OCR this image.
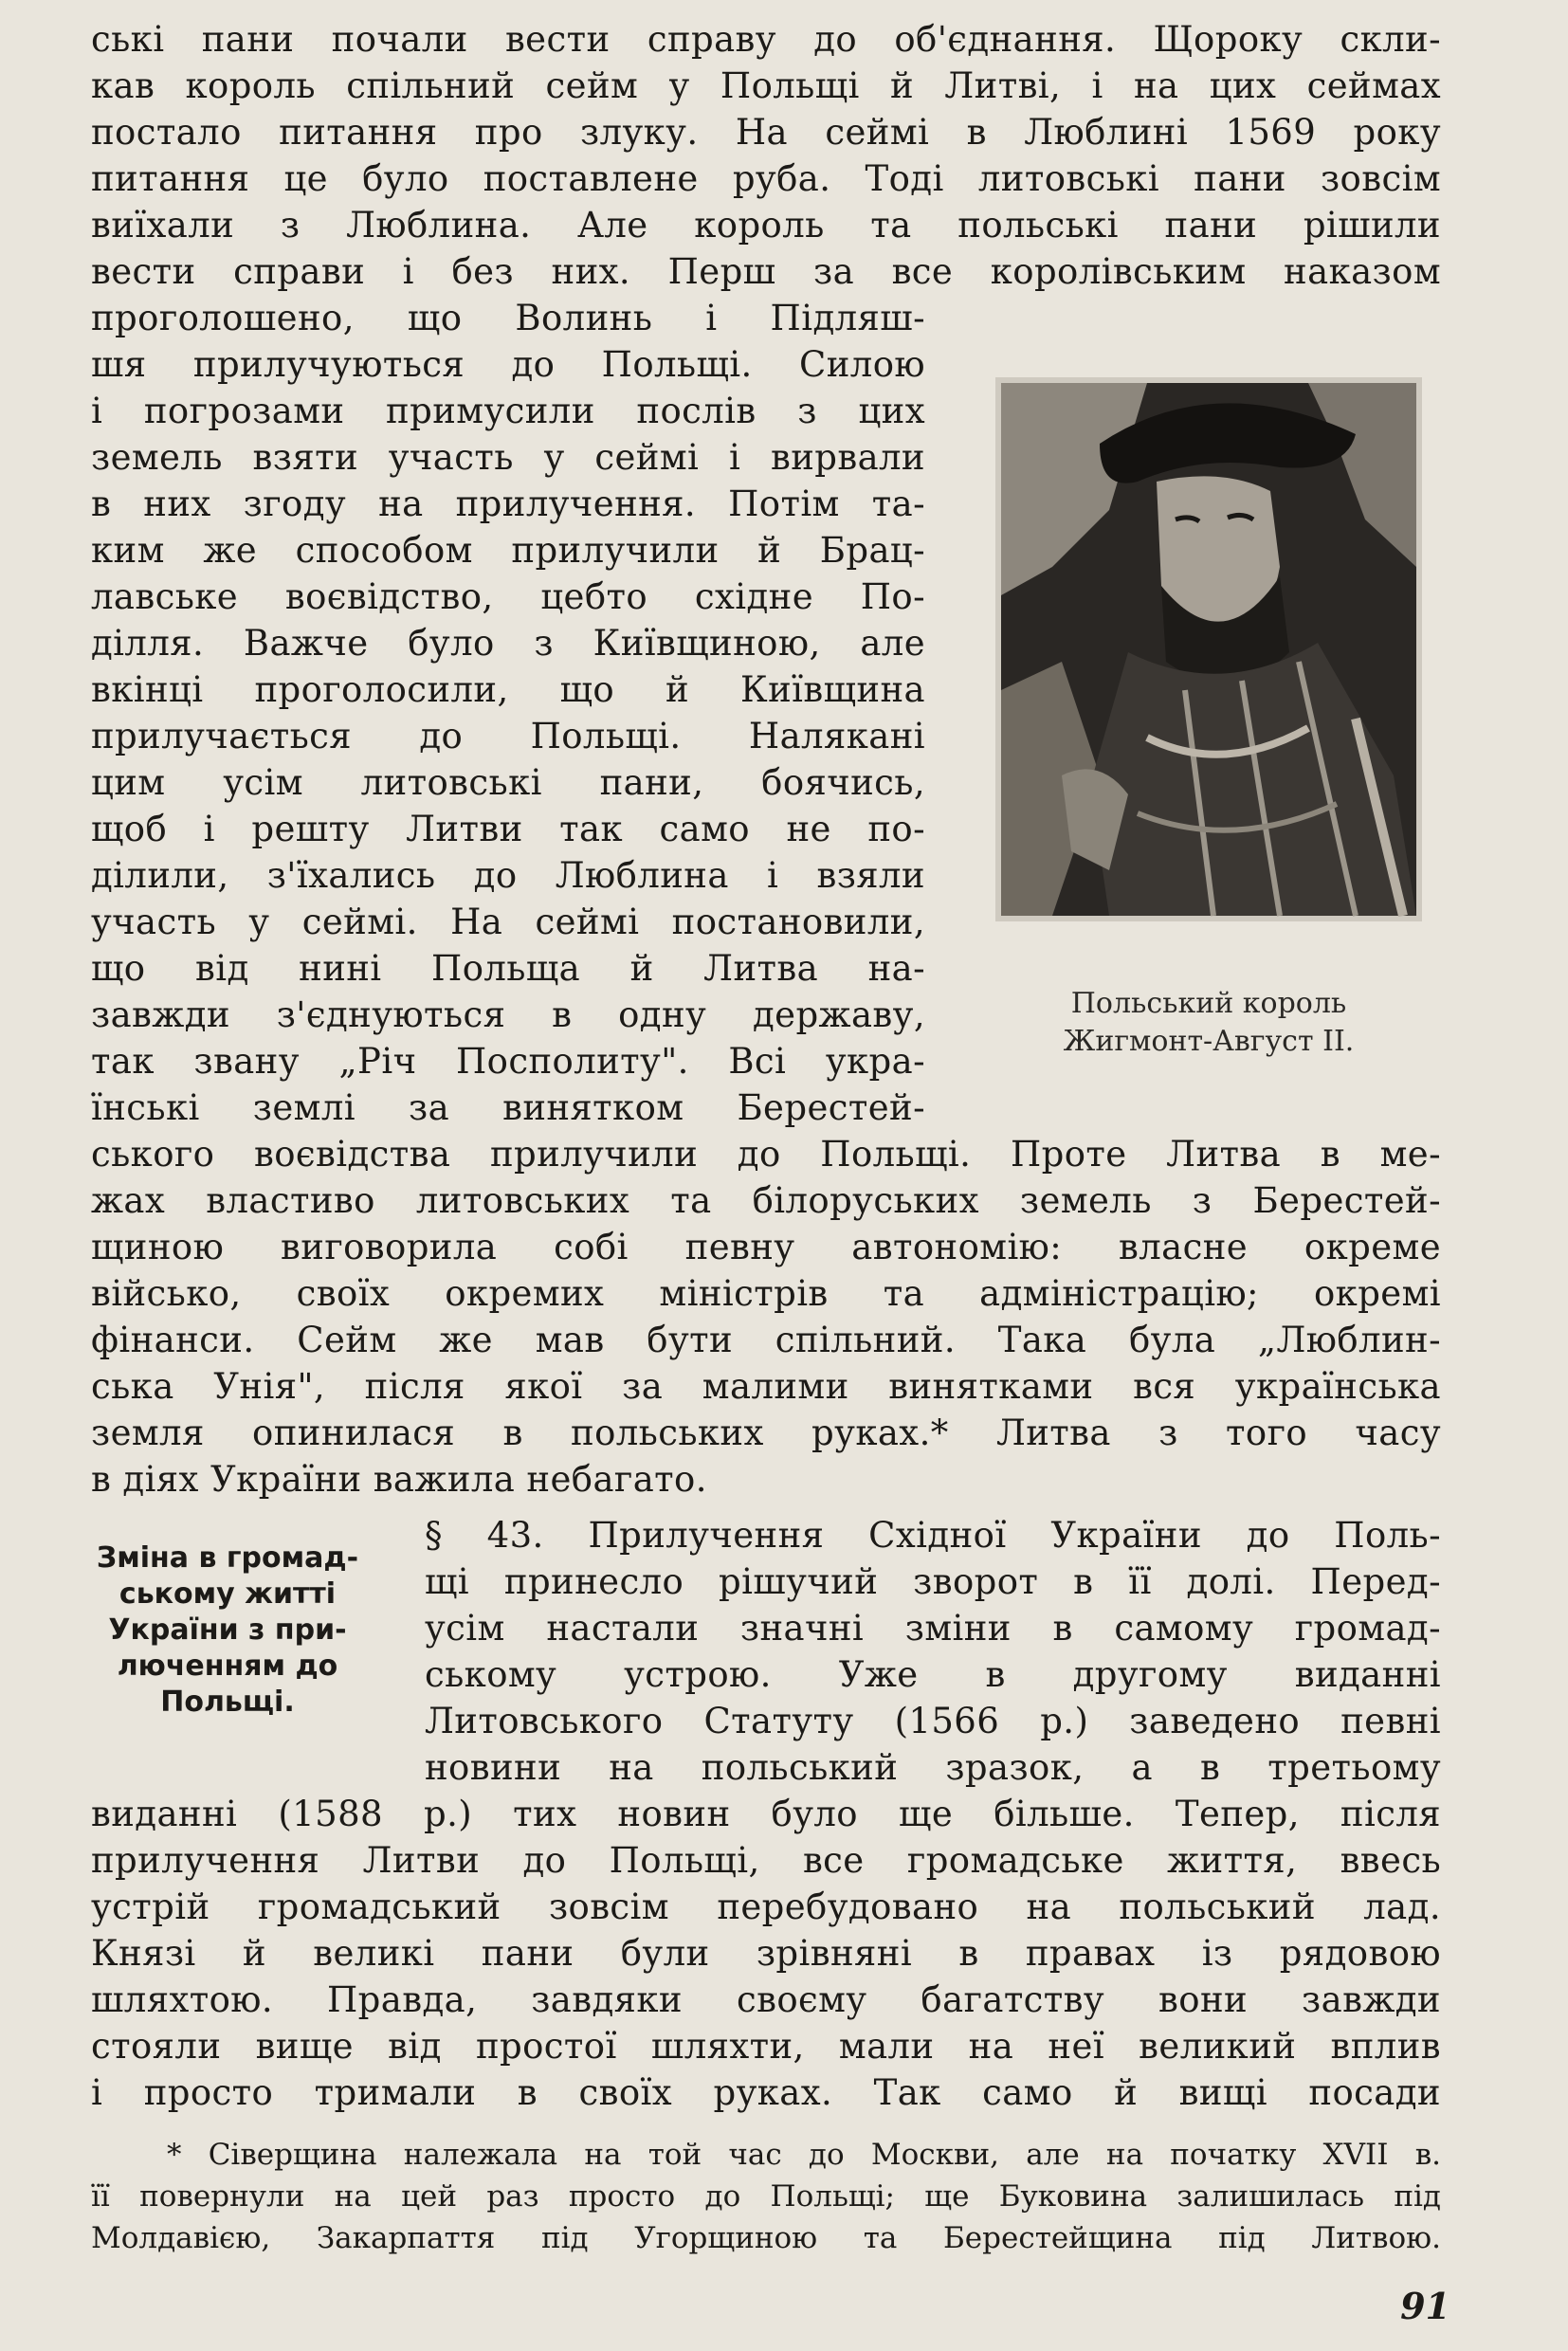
ські пани почали вести справу до об'єднання. Щороку скли-
кав король спільний сейм у Польщі й Литві, і на цих сеймах
постало питання про злуку. На сеймі в Люблині 1569 року
питання це було поставлене руба. Тоді литовські пани зовсім
виїхали з Люблина. Але король та польські пани рішили
вести справи і без них. Перш за все королівським наказом
проголошено, що Волинь і Підляш-
шя прилучуються до Польщі. Силою
і погрозами примусили послів з цих
земель взяти участь у сеймі і вирвали
в них згоду на прилучення. Потім та-
ким же способом прилучили й Брац-
лавське воєвідство, цебто східне По-
ділля. Важче було з Київщиною, але
вкінці проголосили, що й Київщина
прилучається до Польщі. Налякані
цим усім литовські пани, боячись,
щоб і решту Литви так само не по-
ділили, з'їхались до Люблина і взяли
участь у сеймі. На сеймі постановили,
що від нині Польща й Литва на-
завжди з'єднуються в одну державу,
так звану „Річ Посполиту". Всі укра-
їнські землі за винятком Берестей-
Польський король
Жигмонт-Август II.
ського воєвідства прилучили до Польщі. Проте Литва в ме-
жах властиво литовських та білоруських земель з Берестей-
щиною виговорила собі певну автономію: власне окреме
військо, своїх окремих міністрів та адміністрацію; окремі
фінанси. Сейм же мав бути спільний. Така була „Люблин-
ська Унія", після якої за малими винятками вся українська
земля опинилася в польських руках.* Литва з того часу
в діях України важила небагато.
Зміна в громад-
ському житті
України з при-
люченням до
Польщі.
§ 43. Прилучення Східної України до Поль-
щі принесло рішучий зворот в її долі. Перед-
усім настали значні зміни в самому громад-
ському устрою. Уже в другому виданні
Литовського Статуту (1566 р.) заведено певні
новини на польський зразок, а в третьому
виданні (1588 р.) тих новин було ще більше. Тепер, після
прилучення Литви до Польщі, все громадське життя, ввесь
устрій громадський зовсім перебудовано на польський лад.
Князі й великі пани були зрівняні в правах із рядовою
шляхтою. Правда, завдяки своєму багатству вони завжди
стояли вище від простої шляхти, мали на неї великий вплив
і просто тримали в своїх руках. Так само й вищі посади
* Сіверщина належала на той час до Москви, але на початку XVII в.
її повернули на цей раз просто до Польщі; ще Буковина залишилась під
Молдавією, Закарпаття під Угорщиною та Берестейщина під Литвою.
91
